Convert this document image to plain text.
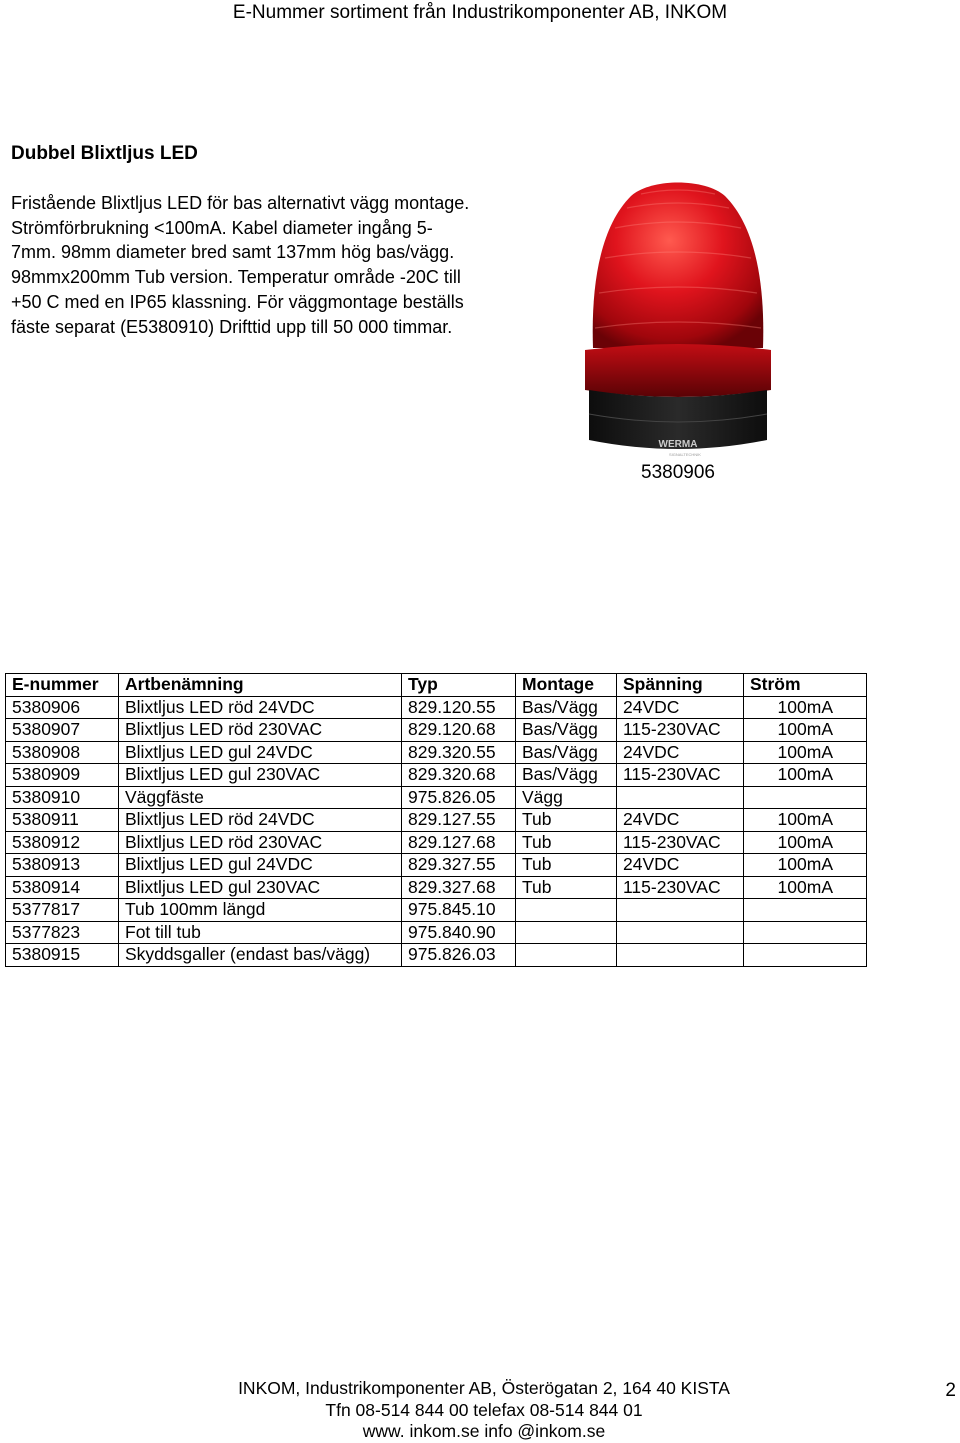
E-Nummer sortiment från Industrikomponenter AB, INKOM
Dubbel Blixtljus LED
Fristående Blixtljus LED för bas alternativt vägg montage.
Strömförbrukning <100mA. Kabel diameter ingång 5-
7mm. 98mm diameter bred samt 137mm hög bas/vägg.
98mmx200mm Tub version. Temperatur område -20C till
+50 C med en IP65 klassning. För väggmontage beställs
fäste separat (E5380910) Drifttid upp till 50 000 timmar.
WERMA
SIGNALTECHNIK
5380906
E-nummer	Artbenämning	Typ	Montage	Spänning	Ström
5380906	Blixtljus LED röd 24VDC	829.120.55	Bas/Vägg	24VDC	100mA
5380907	Blixtljus LED röd 230VAC	829.120.68	Bas/Vägg	115-230VAC	100mA
5380908	Blixtljus LED gul 24VDC	829.320.55	Bas/Vägg	24VDC	100mA
5380909	Blixtljus LED gul 230VAC	829.320.68	Bas/Vägg	115-230VAC	100mA
5380910	Väggfäste	975.826.05	Vägg		
5380911	Blixtljus LED röd 24VDC	829.127.55	Tub	24VDC	100mA
5380912	Blixtljus LED röd 230VAC	829.127.68	Tub	115-230VAC	100mA
5380913	Blixtljus LED gul 24VDC	829.327.55	Tub	24VDC	100mA
5380914	Blixtljus LED gul 230VAC	829.327.68	Tub	115-230VAC	100mA
5377817	Tub 100mm längd	975.845.10			
5377823	Fot till tub	975.840.90			
5380915	Skyddsgaller (endast bas/vägg)	975.826.03			
INKOM, Industrikomponenter AB, Österögatan 2, 164 40 KISTA
Tfn 08-514 844 00 telefax 08-514 844 01
www. inkom.se info @inkom.se
2
